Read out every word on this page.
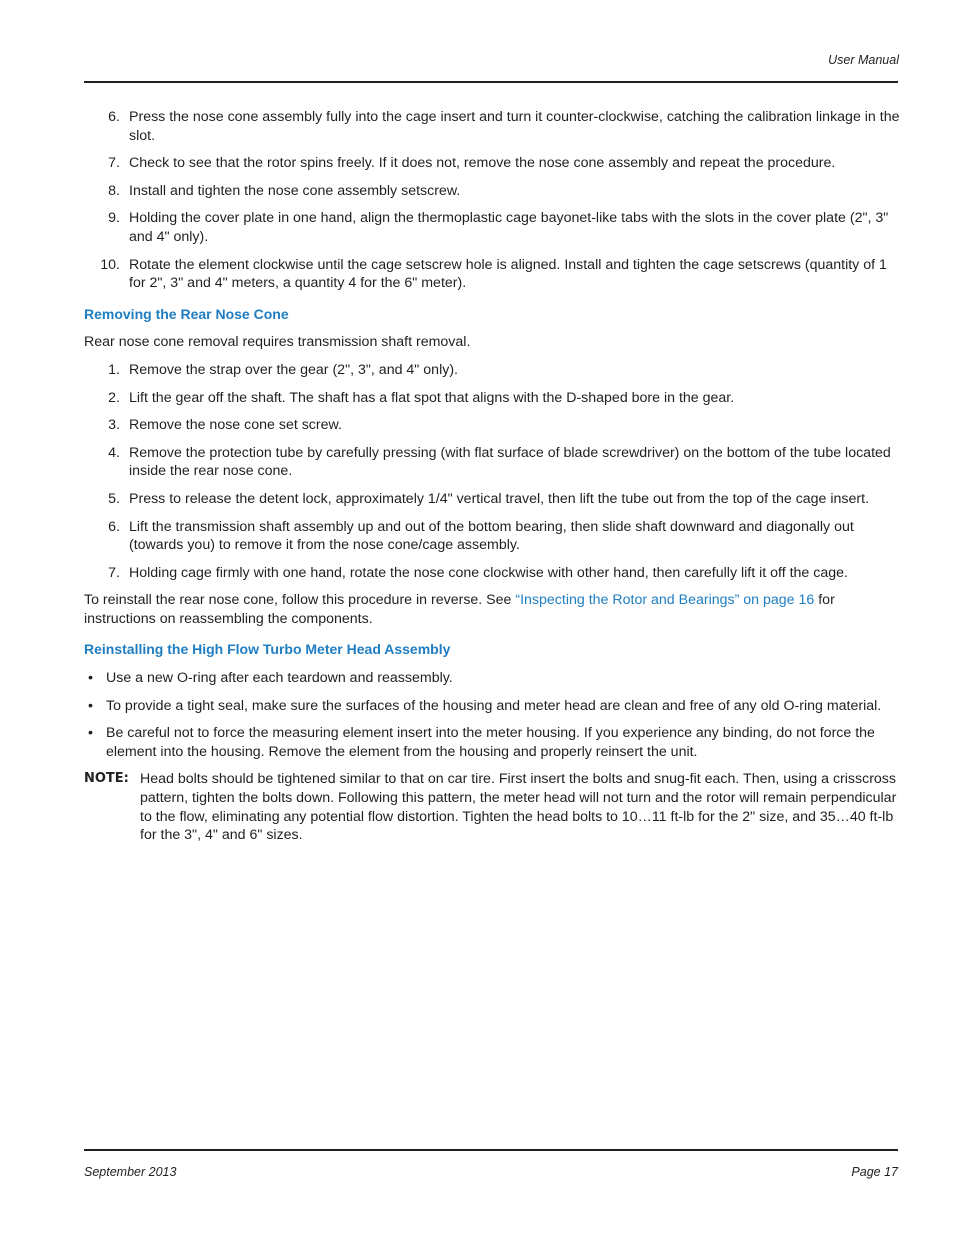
User Manual
6. Press the nose cone assembly fully into the cage insert and turn it counter-clockwise, catching the calibration linkage in the slot.
7. Check to see that the rotor spins freely. If it does not, remove the nose cone assembly and repeat the procedure.
8. Install and tighten the nose cone assembly setscrew.
9. Holding the cover plate in one hand, align the thermoplastic cage bayonet-like tabs with the slots in the cover plate (2", 3" and 4" only).
10. Rotate the element clockwise until the cage setscrew hole is aligned. Install and tighten the cage setscrews (quantity of 1 for 2", 3" and 4" meters, a quantity 4 for the 6" meter).
Removing the Rear Nose Cone

Rear nose cone removal requires transmission shaft removal.

1. Remove the strap over the gear (2", 3", and 4" only).
2. Lift the gear off the shaft. The shaft has a flat spot that aligns with the D-shaped bore in the gear.
3. Remove the nose cone set screw.
4. Remove the protection tube by carefully pressing (with flat surface of blade screwdriver) on the bottom of the tube located inside the rear nose cone.
5. Press to release the detent lock, approximately 1/4" vertical travel, then lift the tube out from the top of the cage insert.
6. Lift the transmission shaft assembly up and out of the bottom bearing, then slide shaft downward and diagonally out (towards you) to remove it from the nose cone/cage assembly.
7. Holding cage firmly with one hand, rotate the nose cone clockwise with other hand, then carefully lift it off the cage.

To reinstall the rear nose cone, follow this procedure in reverse. See “Inspecting the Rotor and Bearings” on page 16 for instructions on reassembling the components.

Reinstalling the High Flow Turbo Meter Head Assembly
• Use a new O-ring after each teardown and reassembly.
• To provide a tight seal, make sure the surfaces of the housing and meter head are clean and free of any old O-ring material.
• Be careful not to force the measuring element insert into the meter housing. If you experience any binding, do not force the element into the housing. Remove the element from the housing and properly reinsert the unit.
NOTE: Head bolts should be tightened similar to that on car tire. First insert the bolts and snug-fit each. Then, using a crisscross pattern, tighten the bolts down. Following this pattern, the meter head will not turn and the rotor will remain perpendicular to the flow, eliminating any potential flow distortion. Tighten the head bolts to 10…11 ft-lb for the 2" size, and 35…40 ft-lb for the 3", 4" and 6" sizes.
September 2013	Page 17
